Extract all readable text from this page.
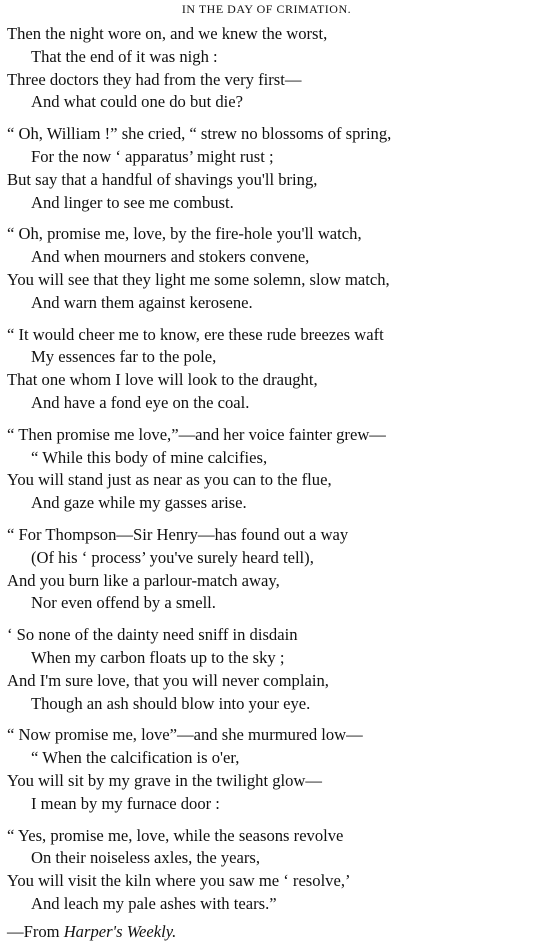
IN THE DAY OF CRIMATION.
Then the night wore on, and we knew the worst,
That the end of it was nigh :
Three doctors they had from the very first—
And what could one do but die?
“ Oh, William !” she cried, “ strew no blossoms of spring,
For the now ‘ apparatus’ might rust ;
But say that a handful of shavings you'll bring,
And linger to see me combust.
“ Oh, promise me, love, by the fire-hole you'll watch,
And when mourners and stokers convene,
You will see that they light me some solemn, slow match,
And warn them against kerosene.
“ It would cheer me to know, ere these rude breezes waft
My essences far to the pole,
That one whom I love will look to the draught,
And have a fond eye on the coal.
“ Then promise me love,”—and her voice fainter grew—
“ While this body of mine calcifies,
You will stand just as near as you can to the flue,
And gaze while my gasses arise.
“ For Thompson—Sir Henry—has found out a way
(Of his ‘ process’ you've surely heard tell),
And you burn like a parlour-match away,
Nor even offend by a smell.
‘ So none of the dainty need sniff in disdain
When my carbon floats up to the sky ;
And I'm sure love, that you will never complain,
Though an ash should blow into your eye.
“ Now promise me, love”—and she murmured low—
“ When the calcification is o'er,
You will sit by my grave in the twilight glow—
I mean by my furnace door :
“ Yes, promise me, love, while the seasons revolve
On their noiseless axles, the years,
You will visit the kiln where you saw me ‘ resolve,’
And leach my pale ashes with tears.”
—From Harper's Weekly.
